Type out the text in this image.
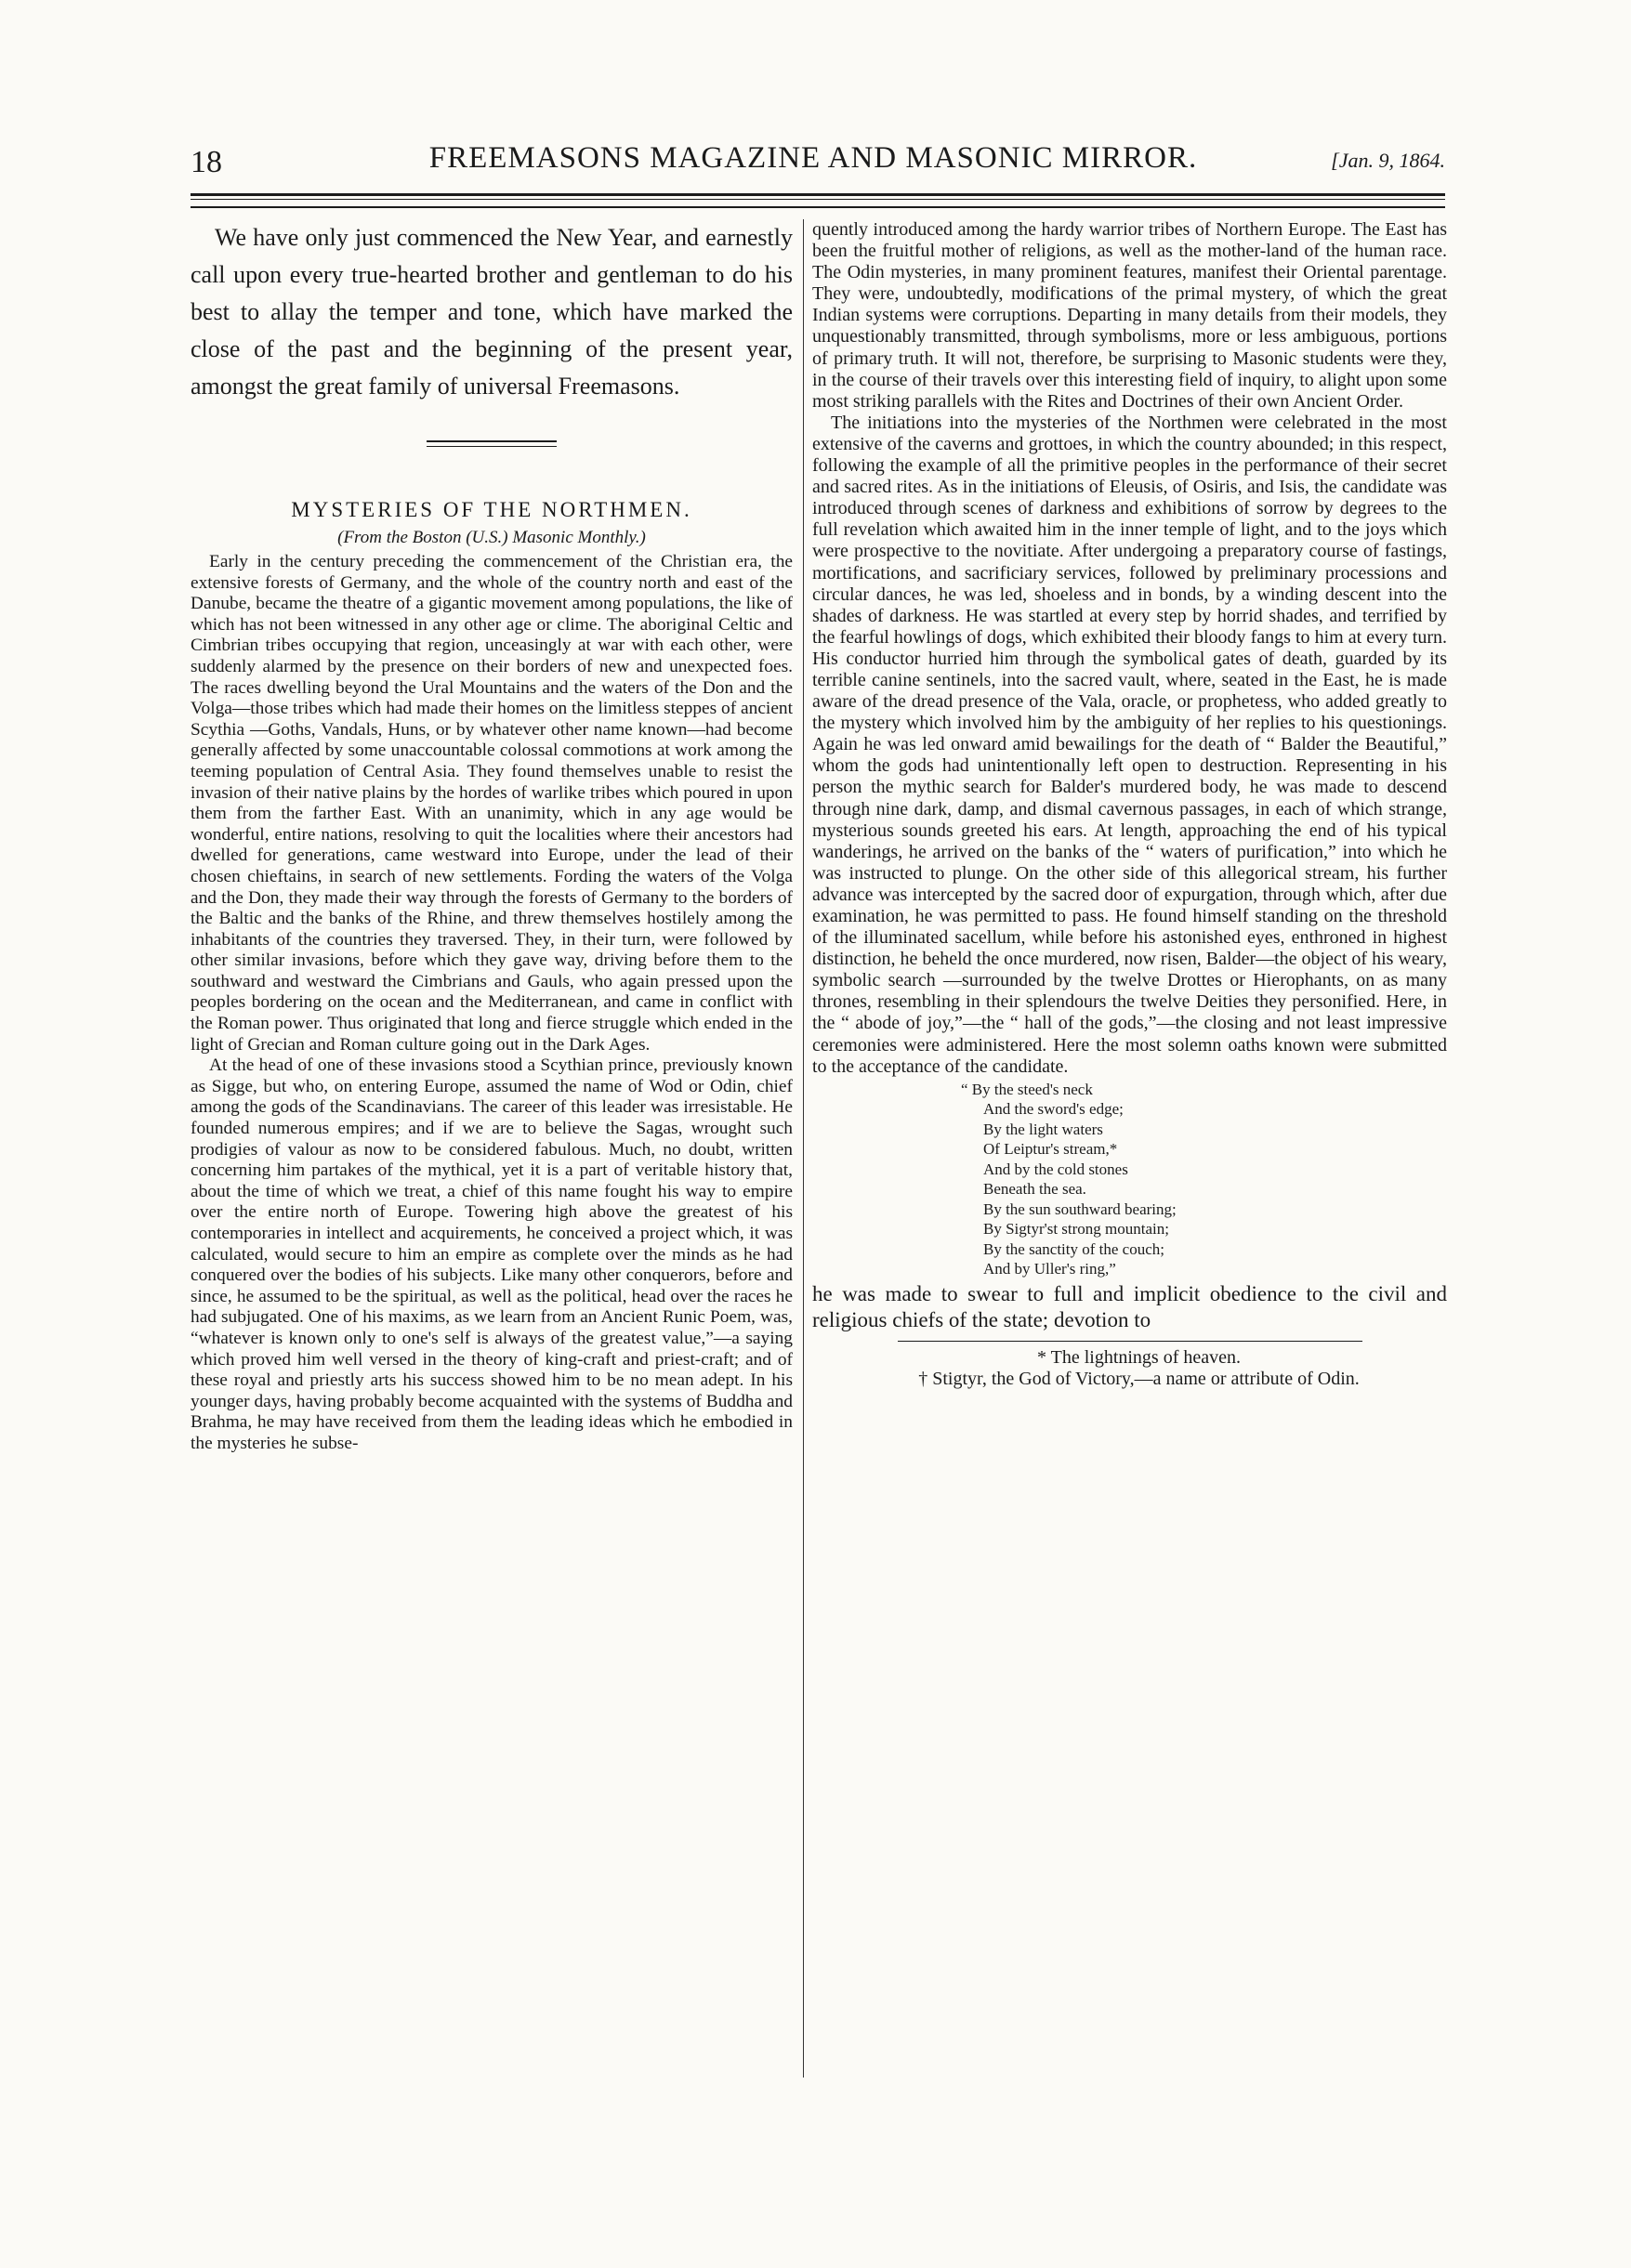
18	FREEMASONS MAGAZINE AND MASONIC MIRROR.	[Jan. 9, 1864.

We have only just commenced the New Year, and earnestly call upon every true-hearted brother and gentleman to do his best to allay the temper and tone, which have marked the close of the past and the beginning of the present year, amongst the great family of universal Freemasons.

MYSTERIES OF THE NORTHMEN.
(From the Boston (U.S.) Masonic Monthly.)

Early in the century preceding the commencement of the Christian era, the extensive forests of Germany, and the whole of the country north and east of the Danube, became the theatre of a gigantic movement among populations, the like of which has not been witnessed in any other age or clime. The aboriginal Celtic and Cimbrian tribes occupying that region, unceasingly at war with each other, were suddenly alarmed by the presence on their borders of new and unexpected foes. The races dwelling beyond the Ural Mountains and the waters of the Don and the Volga—those tribes which had made their homes on the limitless steppes of ancient Scythia —Goths, Vandals, Huns, or by whatever other name known—had become generally affected by some unaccountable colossal commotions at work among the teeming population of Central Asia. They found themselves unable to resist the invasion of their native plains by the hordes of warlike tribes which poured in upon them from the farther East. With an unanimity, which in any age would be wonderful, entire nations, resolving to quit the localities where their ancestors had dwelled for generations, came westward into Europe, under the lead of their chosen chieftains, in search of new settlements. Fording the waters of the Volga and the Don, they made their way through the forests of Germany to the borders of the Baltic and the banks of the Rhine, and threw themselves hostilely among the inhabitants of the countries they traversed. They, in their turn, were followed by other similar invasions, before which they gave way, driving before them to the southward and westward the Cimbrians and Gauls, who again pressed upon the peoples bordering on the ocean and the Mediterranean, and came in conflict with the Roman power. Thus originated that long and fierce struggle which ended in the light of Grecian and Roman culture going out in the Dark Ages.

At the head of one of these invasions stood a Scythian prince, previously known as Sigge, but who, on entering Europe, assumed the name of Wod or Odin, chief among the gods of the Scandinavians. The career of this leader was irresistable. He founded numerous empires; and if we are to believe the Sagas, wrought such prodigies of valour as now to be considered fabulous. Much, no doubt, written concerning him partakes of the mythical, yet it is a part of veritable history that, about the time of which we treat, a chief of this name fought his way to empire over the entire north of Europe. Towering high above the greatest of his contemporaries in intellect and acquirements, he conceived a project which, it was calculated, would secure to him an empire as complete over the minds as he had conquered over the bodies of his subjects. Like many other conquerors, before and since, he assumed to be the spiritual, as well as the political, head over the races he had subjugated. One of his maxims, as we learn from an Ancient Runic Poem, was, “whatever is known only to one's self is always of the greatest value,”—a saying which proved him well versed in the theory of king-craft and priest-craft; and of these royal and priestly arts his success showed him to be no mean adept. In his younger days, having probably become acquainted with the systems of Buddha and Brahma, he may have received from them the leading ideas which he embodied in the mysteries he subse-

quently introduced among the hardy warrior tribes of Northern Europe. The East has been the fruitful mother of religions, as well as the mother-land of the human race. The Odin mysteries, in many prominent features, manifest their Oriental parentage. They were, undoubtedly, modifications of the primal mystery, of which the great Indian systems were corruptions. Departing in many details from their models, they unquestionably transmitted, through symbolisms, more or less ambiguous, portions of primary truth. It will not, therefore, be surprising to Masonic students were they, in the course of their travels over this interesting field of inquiry, to alight upon some most striking parallels with the Rites and Doctrines of their own Ancient Order.

The initiations into the mysteries of the Northmen were celebrated in the most extensive of the caverns and grottoes, in which the country abounded; in this respect, following the example of all the primitive peoples in the performance of their secret and sacred rites. As in the initiations of Eleusis, of Osiris, and Isis, the candidate was introduced through scenes of darkness and exhibitions of sorrow by degrees to the full revelation which awaited him in the inner temple of light, and to the joys which were prospective to the novitiate. After undergoing a preparatory course of fastings, mortifications, and sacrificiary services, followed by preliminary processions and circular dances, he was led, shoeless and in bonds, by a winding descent into the shades of darkness. He was startled at every step by horrid shades, and terrified by the fearful howlings of dogs, which exhibited their bloody fangs to him at every turn. His conductor hurried him through the symbolical gates of death, guarded by its terrible canine sentinels, into the sacred vault, where, seated in the East, he is made aware of the dread presence of the Vala, oracle, or prophetess, who added greatly to the mystery which involved him by the ambiguity of her replies to his questionings. Again he was led onward amid bewailings for the death of “ Balder the Beautiful,” whom the gods had unintentionally left open to destruction. Representing in his person the mythic search for Balder's murdered body, he was made to descend through nine dark, damp, and dismal cavernous passages, in each of which strange, mysterious sounds greeted his ears. At length, approaching the end of his typical wanderings, he arrived on the banks of the “ waters of purification,” into which he was instructed to plunge. On the other side of this allegorical stream, his further advance was intercepted by the sacred door of expurgation, through which, after due examination, he was permitted to pass. He found himself standing on the threshold of the illuminated sacellum, while before his astonished eyes, enthroned in highest distinction, he beheld the once murdered, now risen, Balder—the object of his weary, symbolic search —surrounded by the twelve Drottes or Hierophants, on as many thrones, resembling in their splendours the twelve Deities they personified. Here, in the “ abode of joy,”—the “ hall of the gods,”—the closing and not least impressive ceremonies were administered. Here the most solemn oaths known were submitted to the acceptance of the candidate.

“ By the steed's neck
And the sword's edge;
By the light waters
Of Leiptur's stream,*
And by the cold stones
Beneath the sea.
By the sun southward bearing;
By Sigtyr'st strong mountain;
By the sanctity of the couch;
And by Uller's ring,”

he was made to swear to full and implicit obedience to the civil and religious chiefs of the state; devotion to

* The lightnings of heaven.

† Stigtyr, the God of Victory,—a name or attribute of Odin.
